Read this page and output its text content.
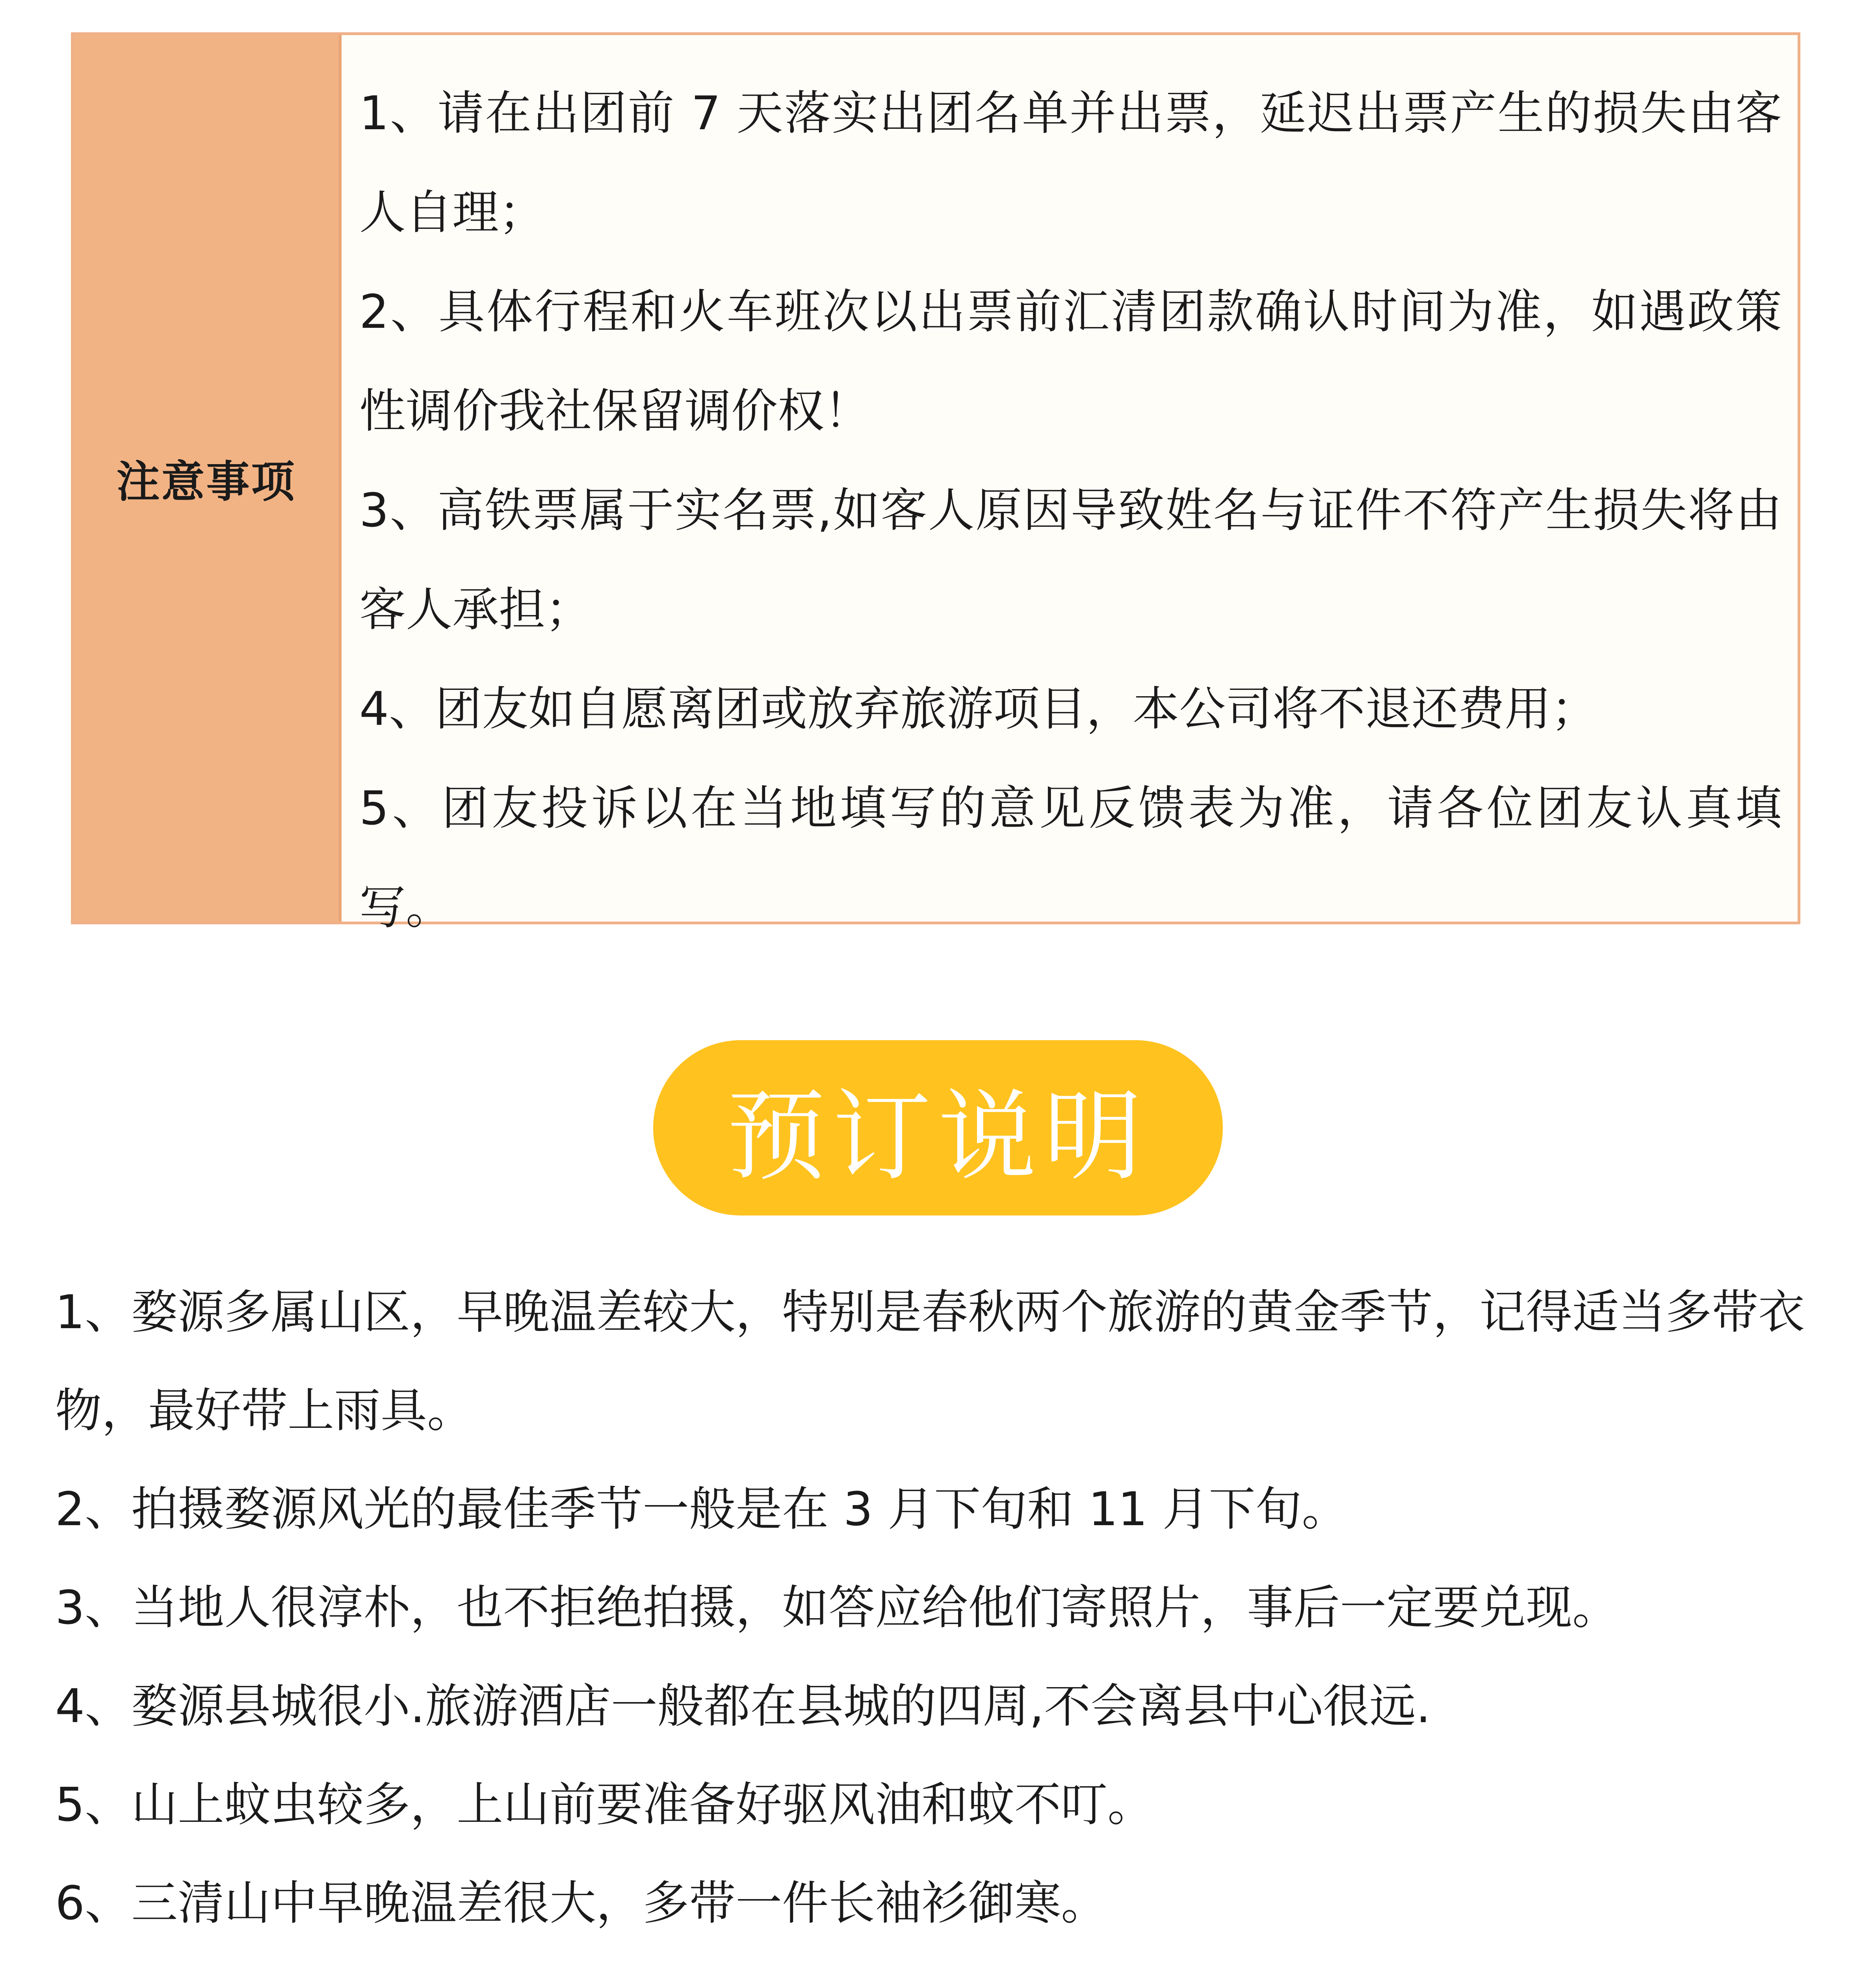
注意事项

1、请在出团前 7 天落实出团名单并出票，延迟出票产生的损失由客人自理；

2、具体行程和火车班次以出票前汇清团款确认时间为准，如遇政策性调价我社保留调价权！

3、高铁票属于实名票,如客人原因导致姓名与证件不符产生损失将由客人承担；

4、团友如自愿离团或放弃旅游项目，本公司将不退还费用；

5、团友投诉以在当地填写的意见反馈表为准，请各位团友认真填写。

预订说明

1、婺源多属山区，早晚温差较大，特别是春秋两个旅游的黄金季节，记得适当多带衣物，最好带上雨具。

2、拍摄婺源风光的最佳季节一般是在 3 月下旬和 11 月下旬。

3、当地人很淳朴，也不拒绝拍摄，如答应给他们寄照片，事后一定要兑现。

4、婺源县城很小.旅游酒店一般都在县城的四周,不会离县中心很远.

5、山上蚊虫较多，上山前要准备好驱风油和蚊不叮。

6、三清山中早晚温差很大，多带一件长袖衫御寒。
